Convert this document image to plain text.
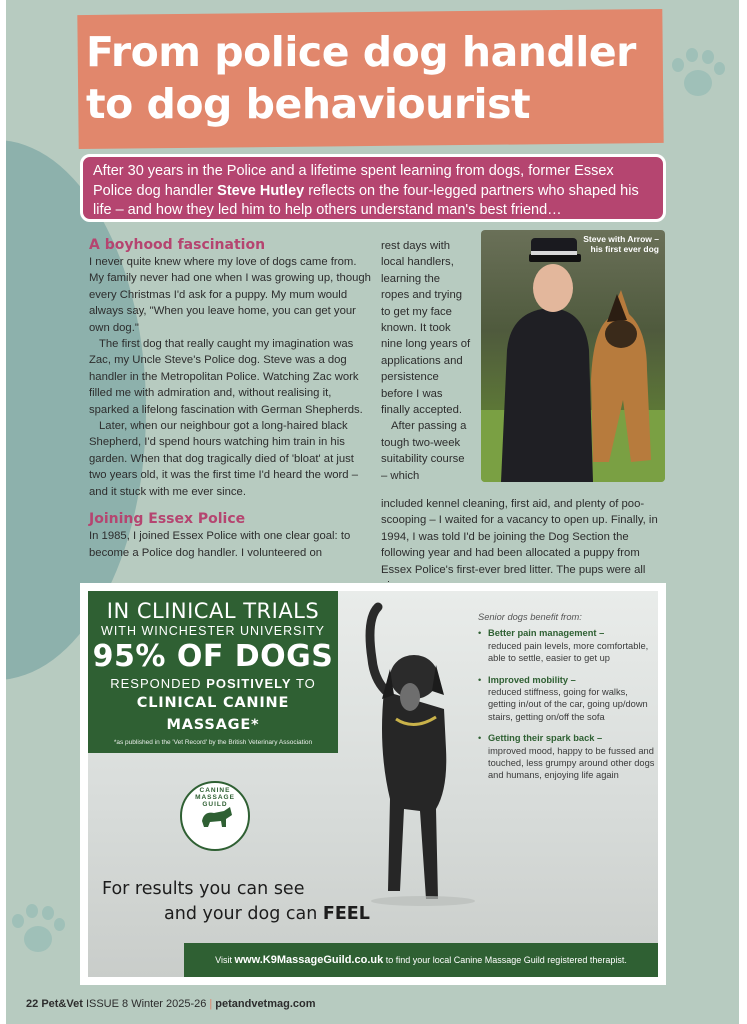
From police dog handler to dog behaviourist
After 30 years in the Police and a lifetime spent learning from dogs, former Essex Police dog handler Steve Hutley reflects on the four-legged partners who shaped his life – and how they led him to help others understand man's best friend…
A boyhood fascination

I never quite knew where my love of dogs came from. My family never had one when I was growing up, though every Christmas I'd ask for a puppy. My mum would always say, "When you leave home, you can get your own dog."

The first dog that really caught my imagination was Zac, my Uncle Steve's Police dog. Steve was a dog handler in the Metropolitan Police. Watching Zac work filled me with admiration and, without realising it, sparked a lifelong fascination with German Shepherds.

Later, when our neighbour got a long-haired black Shepherd, I'd spend hours watching him train in his garden. When that dog tragically died of 'bloat' at just two years old, it was the first time I'd heard the word – and it stuck with me ever since.

Joining Essex Police

In 1985, I joined Essex Police with one clear goal: to become a Police dog handler. I volunteered on

rest days with local handlers, learning the ropes and trying to get my face known. It took nine long years of applications and persistence before I was finally accepted.

After passing a tough two-week suitability course – which

included kennel cleaning, first aid, and plenty of poo-scooping – I waited for a vacancy to open up. Finally, in 1994, I was told I'd be joining the Dog Section the following year and had been allocated a puppy from Essex Police's first-ever bred litter. The pups were all

Steve with Arrow – his first ever dog
IN CLINICAL TRIALS
WITH WINCHESTER UNIVERSITY
95% OF DOGS
RESPONDED POSITIVELY TO
CLINICAL CANINE MASSAGE*
*as published in the 'Vet Record' by the British Veterinary Association
Senior dogs benefit from:
• Better pain management –
reduced pain levels, more comfortable, able to settle, easier to get up
• Improved mobility –
reduced stiffness, going for walks, getting in/out of the car, going up/down stairs, getting on/off the sofa
• Getting their spark back –
improved mood, happy to be fussed and touched, less grumpy around other dogs and humans, enjoying life again
CANINE MASSAGE GUILD
For results you can see
and your dog can FEEL
Visit www.K9MassageGuild.co.uk to find your local Canine Massage Guild registered therapist.
22 Pet&Vet ISSUE 8 Winter 2025-26 | petandvetmag.com
